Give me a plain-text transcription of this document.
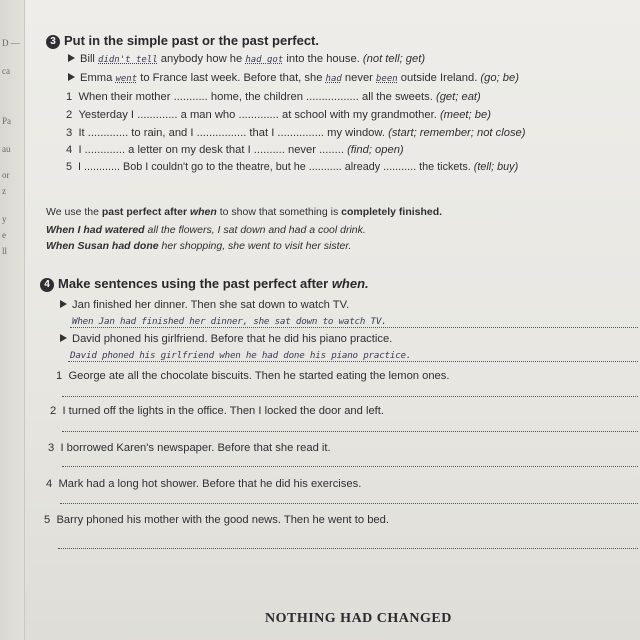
D —
ca
Pa
au
or
z
y
e
ll
3 Put in the simple past or the past perfect.
Bill didn't tell anybody how he had got into the house. (not tell; get)
Emma went to France last week. Before that, she had never been outside Ireland. (go; be)
1 When their mother ........... home, the children ................. all the sweets. (get; eat)
2 Yesterday I ............. a man who ............. at school with my grandmother. (meet; be)
3 It ............. to rain, and I ................ that I ............... my window. (start; remember; not close)
4 I ............. a letter on my desk that I .......... never ........ (find; open)
5 I ............ Bob I couldn't go to the theatre, but he ........... already ........... the tickets. (tell; buy)
We use the past perfect after when to show that something is completely finished.
When I had watered all the flowers, I sat down and had a cool drink.
When Susan had done her shopping, she went to visit her sister.
4 Make sentences using the past perfect after when.
Jan finished her dinner. Then she sat down to watch TV.
When Jan had finished her dinner, she sat down to watch TV.
David phoned his girlfriend. Before that he did his piano practice.
David phoned his girlfriend when he had done his piano practice.
1 George ate all the chocolate biscuits. Then he started eating the lemon ones.
2 I turned off the lights in the office. Then I locked the door and left.
3 I borrowed Karen's newspaper. Before that she read it.
4 Mark had a long hot shower. Before that he did his exercises.
5 Barry phoned his mother with the good news. Then he went to bed.
NOTHING HAD CHANGED
